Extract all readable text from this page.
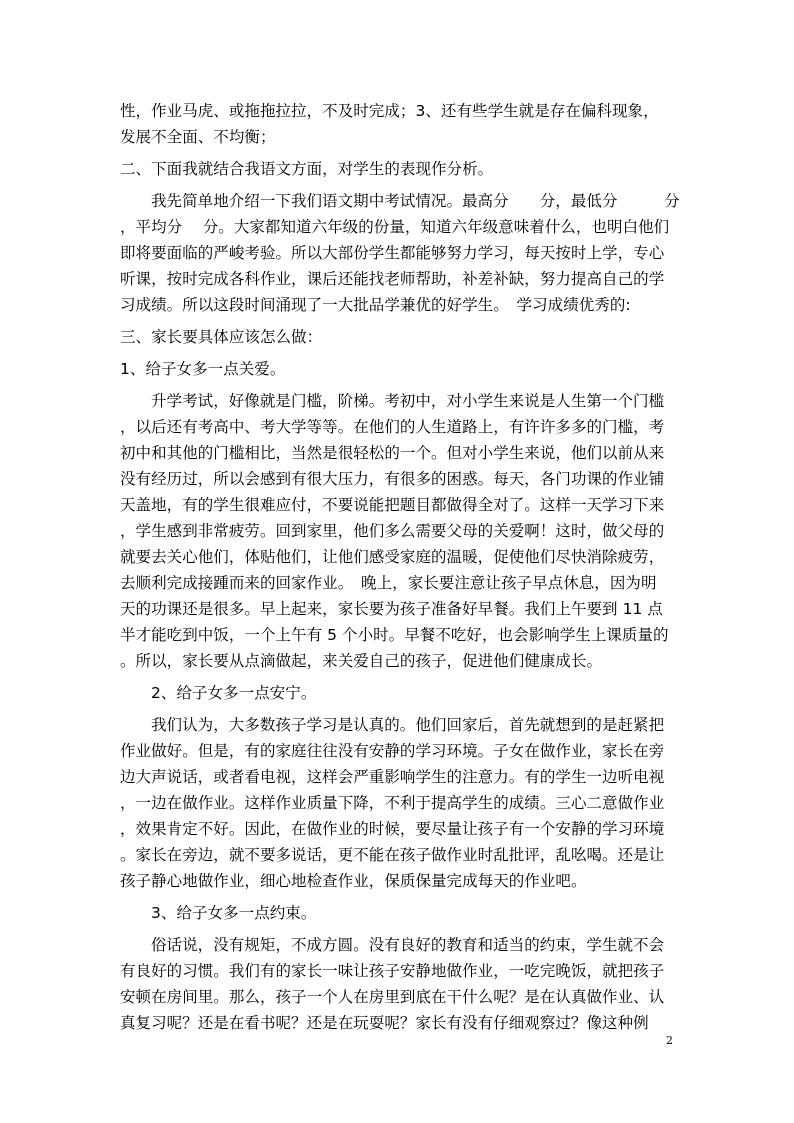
性，作业马虎、或拖拖拉拉，不及时完成；3、还有些学生就是存在偏科现象，
发展不全面、不均衡；
二、下面我就结合我语文方面，对学生的表现作分析。
我先简单地介绍一下我们语文期中考试情况。最高分　　分，最低分　　　分
，平均分　 分。大家都知道六年级的份量，知道六年级意味着什么，也明白他们
即将要面临的严峻考验。所以大部份学生都能够努力学习，每天按时上学，专心
听课，按时完成各科作业，课后还能找老师帮助，补差补缺，努力提高自己的学
习成绩。所以这段时间涌现了一大批品学兼优的好学生。　学习成绩优秀的:
三、家长要具体应该怎么做：
1、给子女多一点关爱。
升学考试，好像就是门槛，阶梯。考初中，对小学生来说是人生第一个门槛
，以后还有考高中、考大学等等。在他们的人生道路上，有许许多多的门槛，考
初中和其他的门槛相比，当然是很轻松的一个。但对小学生来说，他们以前从来
没有经历过，所以会感到有很大压力，有很多的困惑。每天，各门功课的作业铺
天盖地，有的学生很难应付，不要说能把题目都做得全对了。这样一天学习下来
，学生感到非常疲劳。回到家里，他们多么需要父母的关爱啊！这时，做父母的
就要去关心他们，体贴他们，让他们感受家庭的温暖，促使他们尽快消除疲劳，
去顺利完成接踵而来的回家作业。　晚上，家长要注意让孩子早点休息，因为明
天的功课还是很多。早上起来，家长要为孩子准备好早餐。我们上午要到 11 点
半才能吃到中饭，一个上午有 5 个小时。早餐不吃好，也会影响学生上课质量的
。所以，家长要从点滴做起，来关爱自己的孩子，促进他们健康成长。
2、给子女多一点安宁。
我们认为，大多数孩子学习是认真的。他们回家后，首先就想到的是赶紧把
作业做好。但是，有的家庭往往没有安静的学习环境。子女在做作业，家长在旁
边大声说话，或者看电视，这样会严重影响学生的注意力。有的学生一边听电视
，一边在做作业。这样作业质量下降，不利于提高学生的成绩。三心二意做作业
，效果肯定不好。因此，在做作业的时候，要尽量让孩子有一个安静的学习环境
。家长在旁边，就不要多说话，更不能在孩子做作业时乱批评，乱吆喝。还是让
孩子静心地做作业，细心地检查作业，保质保量完成每天的作业吧。
3、给子女多一点约束。
俗话说，没有规矩，不成方圆。没有良好的教育和适当的约束，学生就不会
有良好的习惯。我们有的家长一味让孩子安静地做作业，一吃完晚饭，就把孩子
安顿在房间里。那么，孩子一个人在房里到底在干什么呢？是在认真做作业、认
真复习呢？还是在看书呢？还是在玩耍呢？家长有没有仔细观察过？像这种例
2
